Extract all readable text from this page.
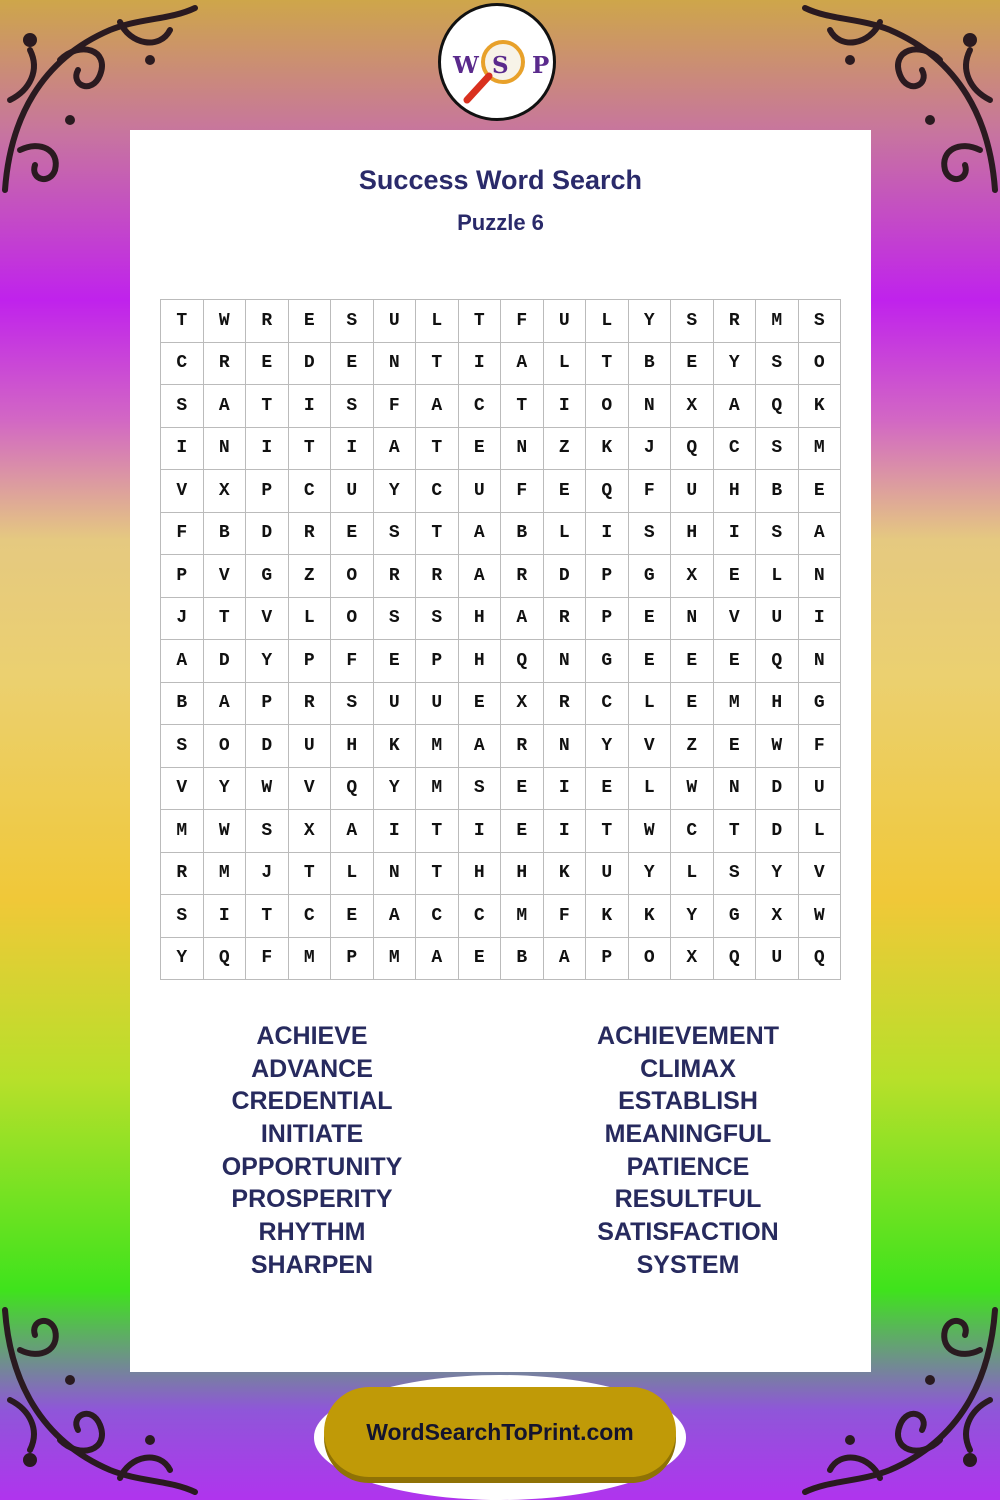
W S P
Success Word Search
Puzzle 6
T	W	R	E	S	U	L	T	F	U	L	Y	S	R	M	S
C	R	E	D	E	N	T	I	A	L	T	B	E	Y	S	O
S	A	T	I	S	F	A	C	T	I	O	N	X	A	Q	K
I	N	I	T	I	A	T	E	N	Z	K	J	Q	C	S	M
V	X	P	C	U	Y	C	U	F	E	Q	F	U	H	B	E
F	B	D	R	E	S	T	A	B	L	I	S	H	I	S	A
P	V	G	Z	O	R	R	A	R	D	P	G	X	E	L	N
J	T	V	L	O	S	S	H	A	R	P	E	N	V	U	I
A	D	Y	P	F	E	P	H	Q	N	G	E	E	E	Q	N
B	A	P	R	S	U	U	E	X	R	C	L	E	M	H	G
S	O	D	U	H	K	M	A	R	N	Y	V	Z	E	W	F
V	Y	W	V	Q	Y	M	S	E	I	E	L	W	N	D	U
M	W	S	X	A	I	T	I	E	I	T	W	C	T	D	L
R	M	J	T	L	N	T	H	H	K	U	Y	L	S	Y	V
S	I	T	C	E	A	C	C	M	F	K	K	Y	G	X	W
Y	Q	F	M	P	M	A	E	B	A	P	O	X	Q	U	Q
ACHIEVE
ADVANCE
CREDENTIAL
INITIATE
OPPORTUNITY
PROSPERITY
RHYTHM
SHARPEN
ACHIEVEMENT
CLIMAX
ESTABLISH
MEANINGFUL
PATIENCE
RESULTFUL
SATISFACTION
SYSTEM
WordSearchToPrint.com
